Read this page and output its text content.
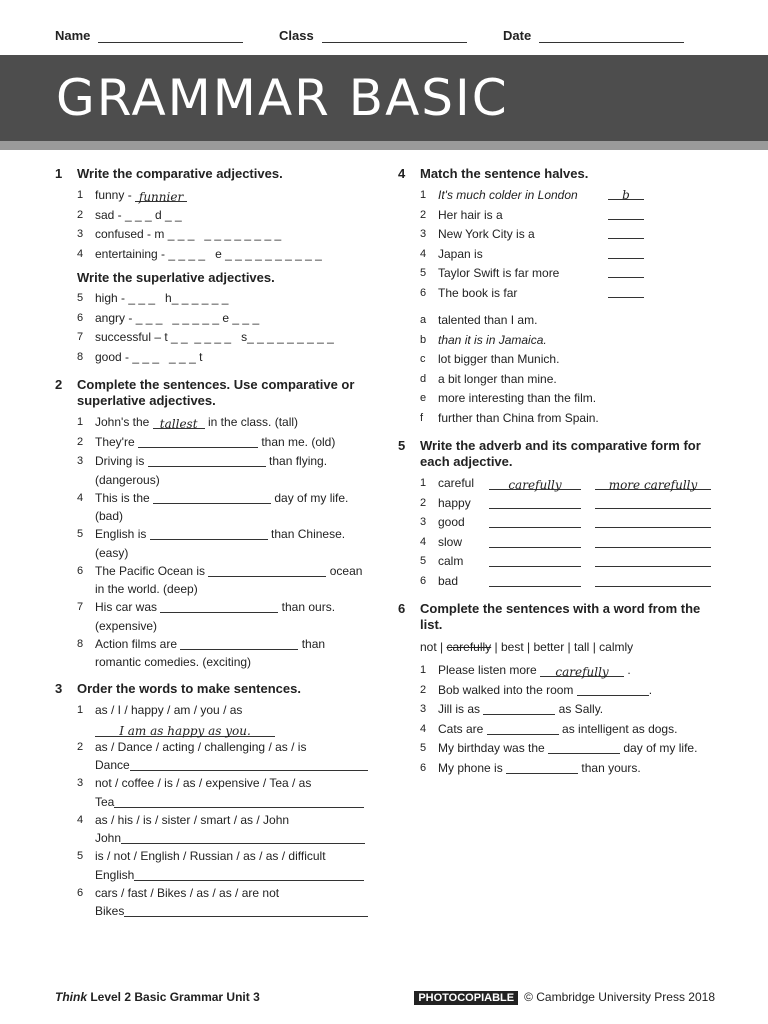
Name	Class	Date
GRAMMAR BASIC
1	Write the comparative adjectives.
1 funny - funnier
2 sad - _ _ _ d _ _
3 confused - m _ _ _   _ _ _ _ _ _ _ _
4 entertaining - _ _ _ _   e _ _ _ _ _ _ _ _ _ _
Write the superlative adjectives.
5 high - _ _ _   h_ _ _ _ _ _
6 angry - _ _ _   _ _ _ _ _ e _ _ _
7 successful – t _ _  _ _ _ _   s_ _ _ _ _ _ _ _ _
8 good - _ _ _   _ _ _ t
2	Complete the sentences. Use comparative or superlative adjectives.
1 John's the tallest in the class. (tall)
2 They're	than me. (old)
3 Driving is	than flying.
(dangerous)
4 This is the	day of my life.
(bad)
5 English is	than Chinese.
(easy)
6 The Pacific Ocean is	ocean
in the world. (deep)
7 His car was	than ours.
(expensive)
8 Action films are	than
romantic comedies. (exciting)
3	Order the words to make sentences.
1 as / I / happy / am / you / as
I am as happy as you.
2 as / Dance / acting / challenging / as / is
Dance
3 not / coffee / is / as / expensive / Tea / as
Tea
4 as / his / is / sister / smart / as / John
John
5 is / not / English / Russian / as / as / difficult
English
6 cars / fast / Bikes / as / as / are not
Bikes
4	Match the sentence halves.
1 It's much colder in London	b
2 Her hair is a
3 New York City is a
4 Japan is
5 Taylor Swift is far more
6 The book is far
a talented than I am.
b than it is in Jamaica.
c	lot bigger than Munich.
d a bit longer than mine.
e more interesting than the film.
f	further than China from Spain.
5	Write the adverb and its comparative form for each adjective.
1 careful	carefully	more carefully
2 happy
3 good
4 slow
5 calm
6 bad
6	Complete the sentences with a word from the list.
not | carefully | best | better | tall | calmly
1 Please listen more carefully .
2 Bob walked into the room	.
3 Jill is as	as Sally.
4 Cats are	as intelligent as dogs.
5 My birthday was the	day of my life.
6 My phone is	than yours.
Think Level 2 Basic Grammar Unit 3	PHOTOCOPIABLE © Cambridge University Press 2018
